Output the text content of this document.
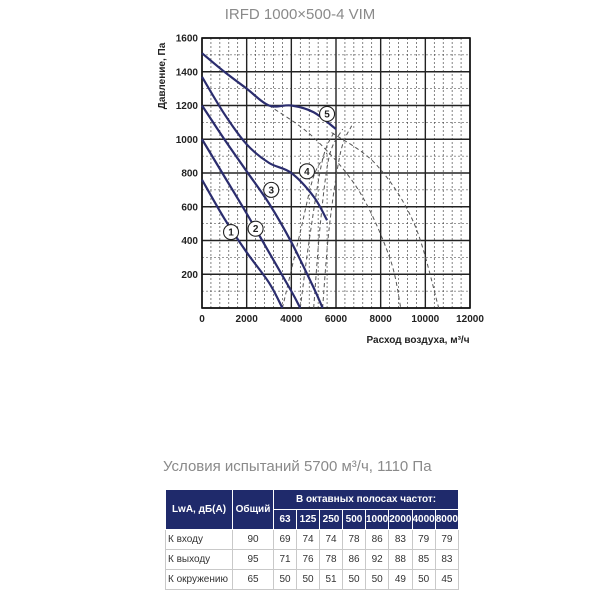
IRFD 1000×500-4 VIM
1 2
3
4
5
0	2000 4000 6000 8000 10000 12000
200
400
600
800
1000
1200
1400
1600
Давление, Па
Расход воздуха, м³/ч
Условия испытаний 5700 м³/ч, 1110 Па
LwA, дБ(A)	Общий	В октавных полосах частот:							
		63	125	250	500	1000	2000	4000	8000
К входу	90	69	74	74	78	86	83	79	79
К выходу	95	71	76	78	86	92	88	85	83
К окружению	65	50	50	51	50	50	49	50	45
